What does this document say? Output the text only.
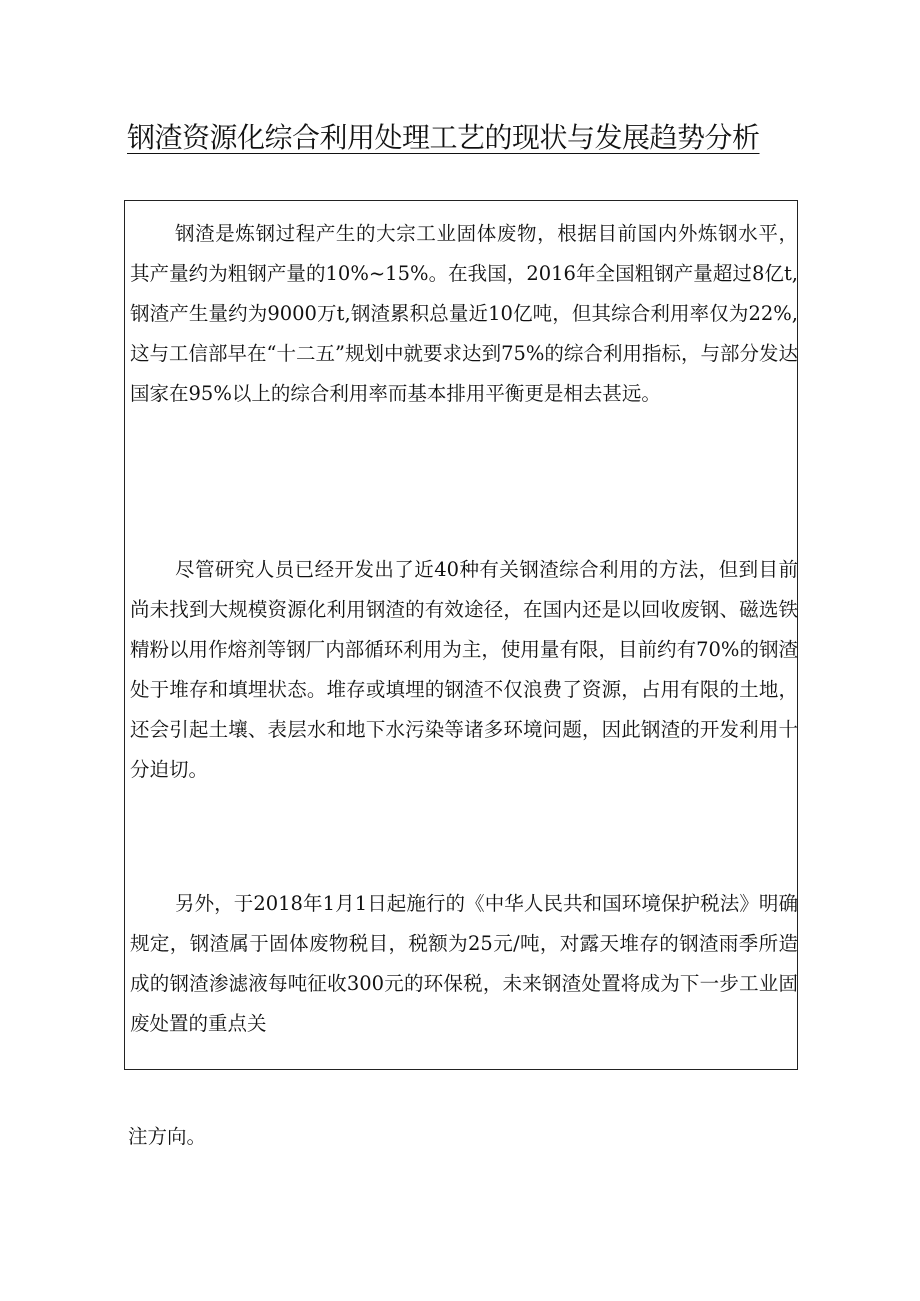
钢渣资源化综合利用处理工艺的现状与发展趋势分析

钢渣是炼钢过程产生的大宗工业固体废物，根据目前国内外炼钢水平，其产量约为粗钢产量的10%~15%。在我国，2016年全国粗钢产量超过8亿t,钢渣产生量约为9000万t,钢渣累积总量近10亿吨，但其综合利用率仅为22%,这与工信部早在“十二五”规划中就要求达到75%的综合利用指标，与部分发达国家在95%以上的综合利用率而基本排用平衡更是相去甚远。

尽管研究人员已经开发出了近40种有关钢渣综合利用的方法，但到目前尚未找到大规模资源化利用钢渣的有效途径，在国内还是以回收废钢、磁选铁精粉以用作熔剂等钢厂内部循环利用为主，使用量有限，目前约有70%的钢渣处于堆存和填埋状态。堆存或填埋的钢渣不仅浪费了资源，占用有限的土地，还会引起土壤、表层水和地下水污染等诸多环境问题，因此钢渣的开发利用十分迫切。

另外，于2018年1月1日起施行的《中华人民共和国环境保护税法》明确规定，钢渣属于固体废物税目，税额为25元/吨，对露天堆存的钢渣雨季所造成的钢渣渗滤液每吨征收300元的环保税，未来钢渣处置将成为下一步工业固废处置的重点关

注方向。
